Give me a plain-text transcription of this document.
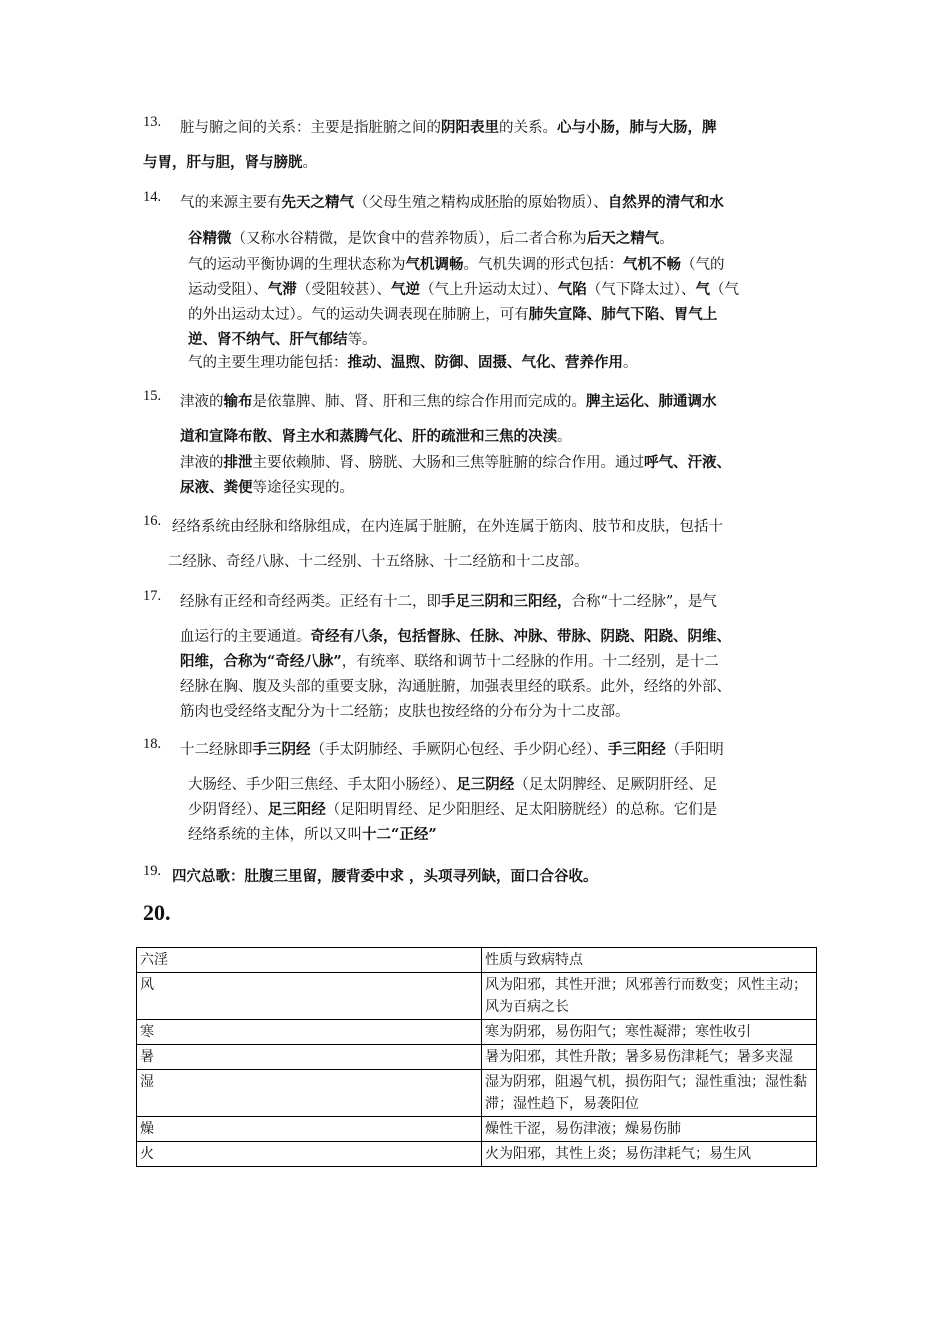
13. 脏与腑之间的关系：主要是指脏腑之间的阴阳表里的关系。心与小肠，肺与大肠，脾
与胃，肝与胆，肾与膀胱。
14. 气的来源主要有先天之精气（父母生殖之精构成胚胎的原始物质）、自然界的清气和水
谷精微（又称水谷精微，是饮食中的营养物质），后二者合称为后天之精气。
气的运动平衡协调的生理状态称为气机调畅。气机失调的形式包括：气机不畅（气的
运动受阻）、气滞（受阻较甚）、气逆（气上升运动太过）、气陷（气下降太过）、气（气
的外出运动太过）。气的运动失调表现在肺腑上，可有肺失宣降、肺气下陷、胃气上
逆、肾不纳气、肝气郁结等。
气的主要生理功能包括：推动、温煦、防御、固摄、气化、营养作用。
15. 津液的输布是依靠脾、肺、肾、肝和三焦的综合作用而完成的。脾主运化、肺通调水
道和宣降布散、肾主水和蒸腾气化、肝的疏泄和三焦的决渎。
津液的排泄主要依赖肺、肾、膀胱、大肠和三焦等脏腑的综合作用。通过呼气、汗液、
尿液、粪便等途径实现的。
16. 经络系统由经脉和络脉组成，在内连属于脏腑，在外连属于筋肉、肢节和皮肤，包括十
二经脉、奇经八脉、十二经别、十五络脉、十二经筋和十二皮部。
17. 经脉有正经和奇经两类。正经有十二，即手足三阴和三阳经，合称“十二经脉”，是气
血运行的主要通道。奇经有八条，包括督脉、任脉、冲脉、带脉、阴跷、阳跷、阴维、
阳维，合称为“奇经八脉”，有统率、联络和调节十二经脉的作用。十二经别，是十二
经脉在胸、腹及头部的重要支脉，沟通脏腑，加强表里经的联系。此外，经络的外部、
筋肉也受经络支配分为十二经筋；皮肤也按经络的分布分为十二皮部。
18. 十二经脉即手三阴经（手太阴肺经、手厥阴心包经、手少阴心经）、手三阳经（手阳明
大肠经、手少阳三焦经、手太阳小肠经）、足三阴经（足太阴脾经、足厥阴肝经、足
少阴肾经）、足三阳经（足阳明胃经、足少阳胆经、足太阳膀胱经）的总称。它们是
经络系统的主体，所以又叫十二“正经”
19. 四穴总歌：肚腹三里留，腰背委中求 ，头项寻列缺，面口合谷收。
20.
六淫	性质与致病特点
风	风为阳邪，其性开泄；风邪善行而数变；风性主动；风为百病之长
寒	寒为阴邪，易伤阳气；寒性凝滞；寒性收引
暑	暑为阳邪，其性升散；暑多易伤津耗气；暑多夹湿
湿	湿为阴邪，阻遏气机，损伤阳气；湿性重浊；湿性黏滞；湿性趋下，易袭阳位
燥	燥性干涩，易伤津液；燥易伤肺
火	火为阳邪，其性上炎；易伤津耗气；易生风
